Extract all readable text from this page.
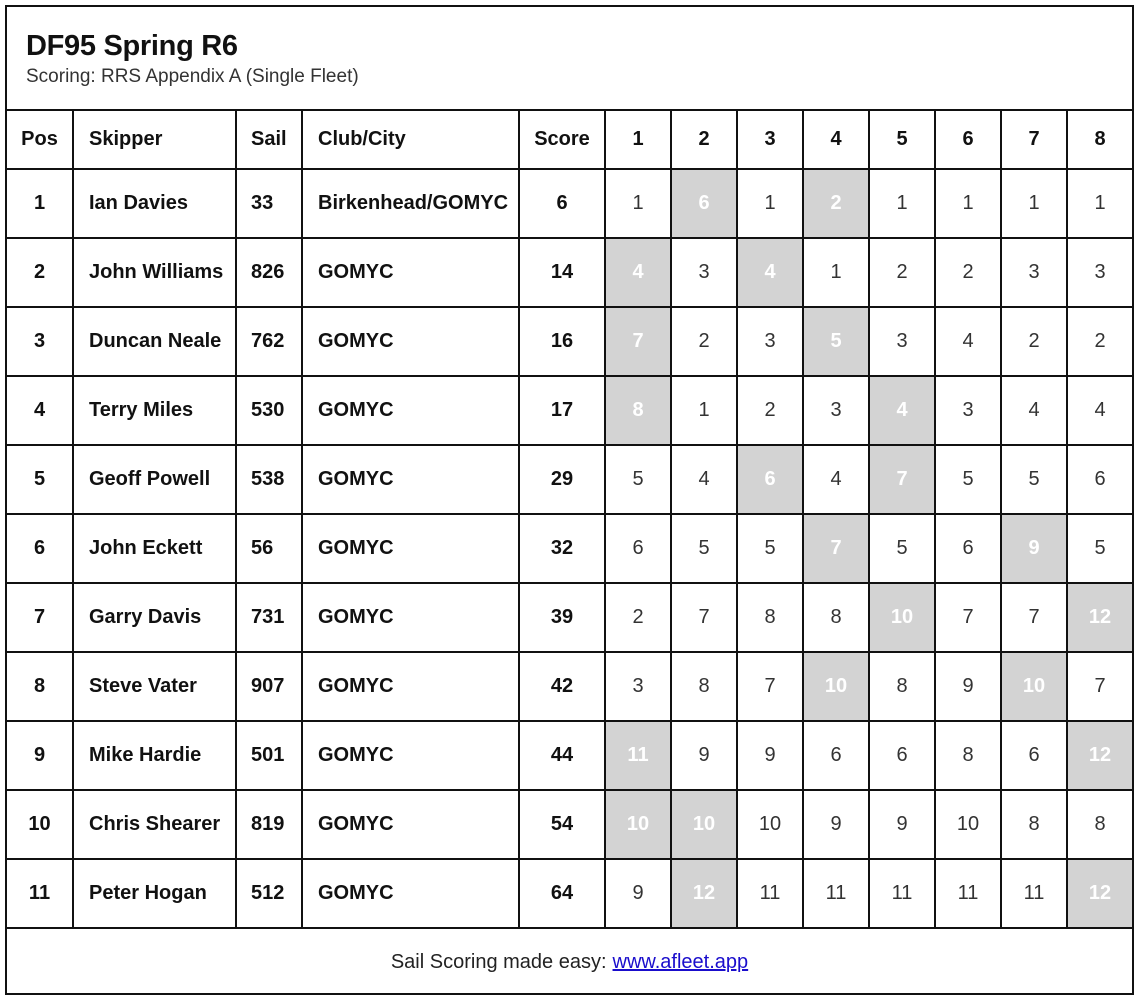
DF95 Spring R6
Scoring: RRS Appendix A (Single Fleet)
Pos	Skipper	Sail	Club/City	Score	1	2	3	4	5	6	7	8
1	Ian Davies	33	Birkenhead/GOMYC	6	1	6	1	2	1	1	1	1
2	John Williams	826	GOMYC	14	4	3	4	1	2	2	3	3
3	Duncan Neale	762	GOMYC	16	7	2	3	5	3	4	2	2
4	Terry Miles	530	GOMYC	17	8	1	2	3	4	3	4	4
5	Geoff Powell	538	GOMYC	29	5	4	6	4	7	5	5	6
6	John Eckett	56	GOMYC	32	6	5	5	7	5	6	9	5
7	Garry Davis	731	GOMYC	39	2	7	8	8	10	7	7	12
8	Steve Vater	907	GOMYC	42	3	8	7	10	8	9	10	7
9	Mike Hardie	501	GOMYC	44	11	9	9	6	6	8	6	12
10	Chris Shearer	819	GOMYC	54	10	10	10	9	9	10	8	8
11	Peter Hogan	512	GOMYC	64	9	12	11	11	11	11	11	12
Sail Scoring made easy: www.afleet.app
